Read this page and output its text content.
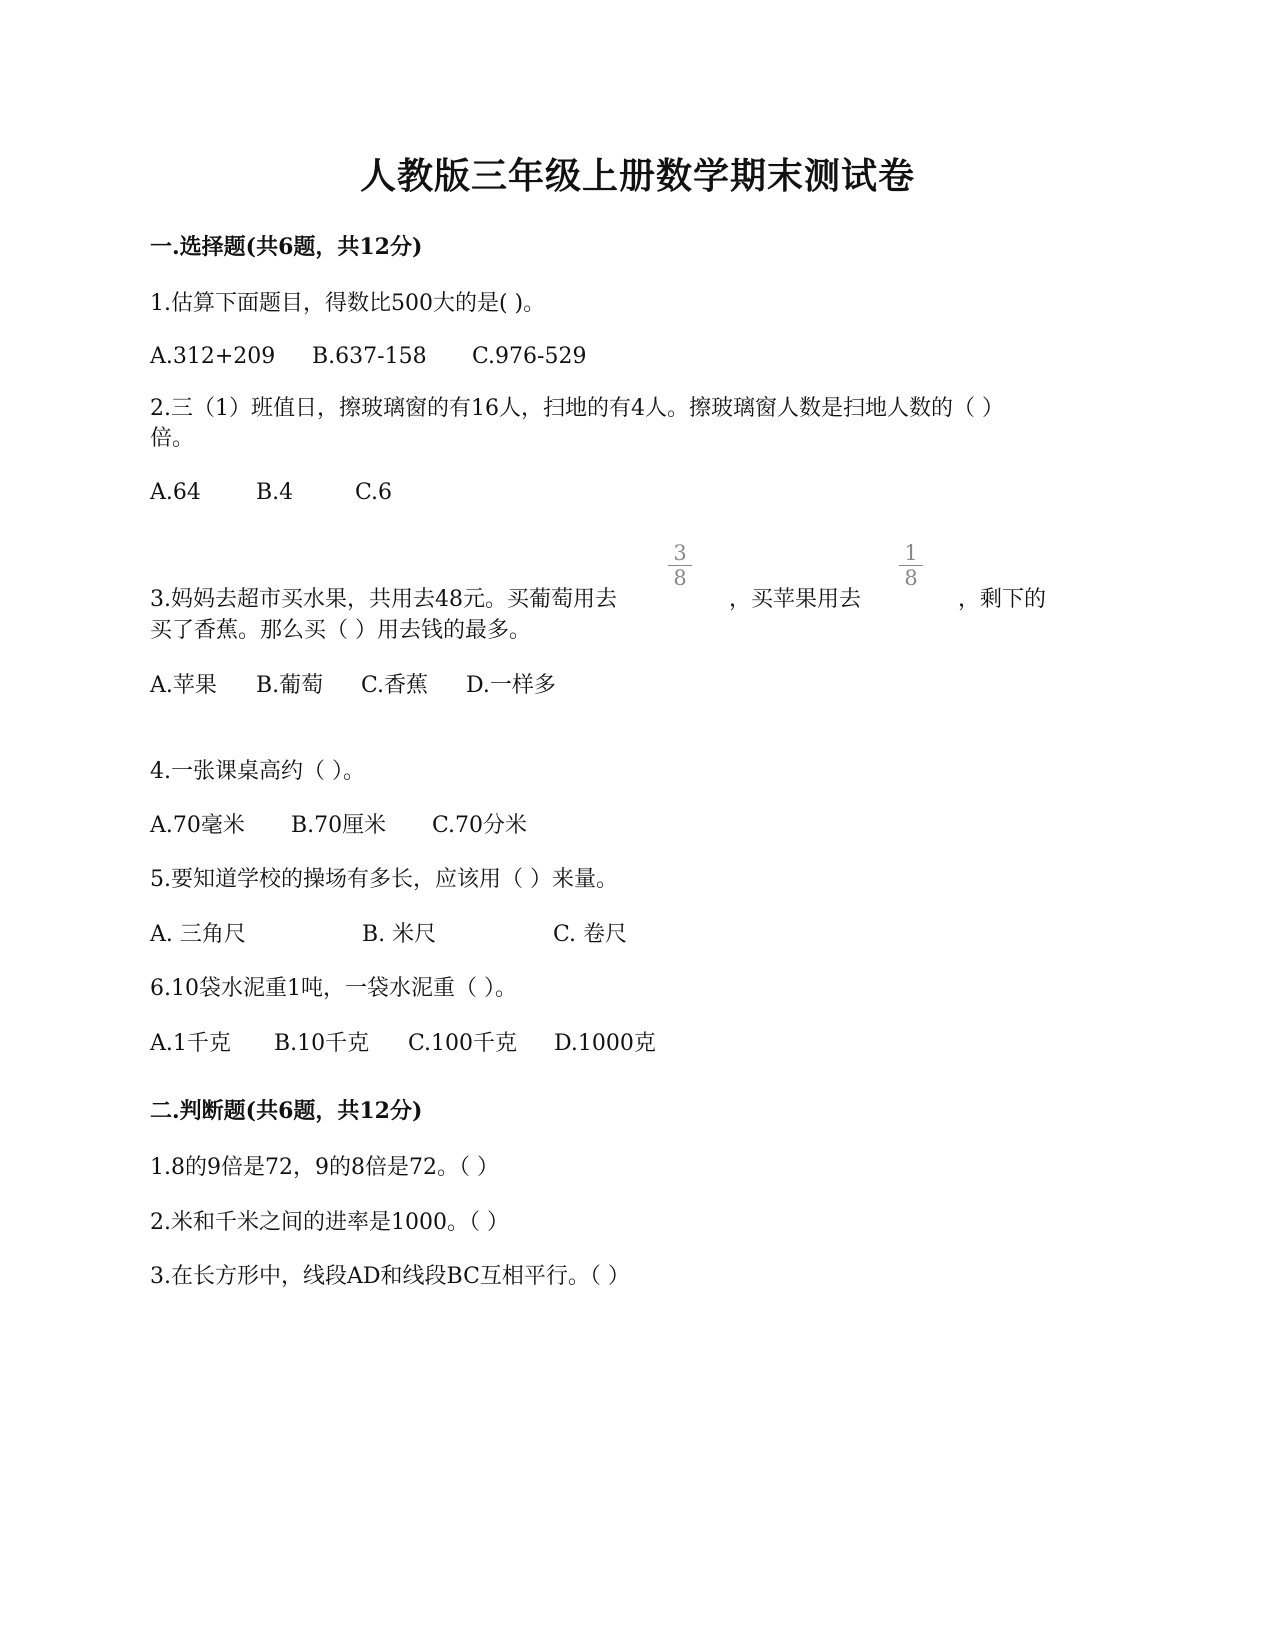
人教版三年级上册数学期末测试卷
一.选择题(共6题，共12分)
1.估算下面题目，得数比500大的是( )。
A.312+209 B.637-158 C.976-529
2.三（1）班值日，擦玻璃窗的有16人，扫地的有4人。擦玻璃窗人数是扫地人数的（ ）
倍。
A.64	B.4	C.6
3.妈妈去超市买水果，共用去48元。买葡萄用去
3
8
，买苹果用去
1
8
，剩下的
买了香蕉。那么买（ ）用去钱的最多。
A.苹果 B.葡萄 C.香蕉 D.一样多
4.一张课桌高约（ ）。
A.70毫米 B.70厘米 C.70分米
5.要知道学校的操场有多长，应该用（ ）来量。
A. 三角尺	B. 米尺	C. 卷尺
6.10袋水泥重1吨，一袋水泥重（ ）。
A.1千克 B.10千克 C.100千克 D.1000克
二.判断题(共6题，共12分)
1.8的9倍是72，9的8倍是72。（ ）
2.米和千米之间的进率是1000。（ ）
3.在长方形中，线段AD和线段BC互相平行。（ ）
